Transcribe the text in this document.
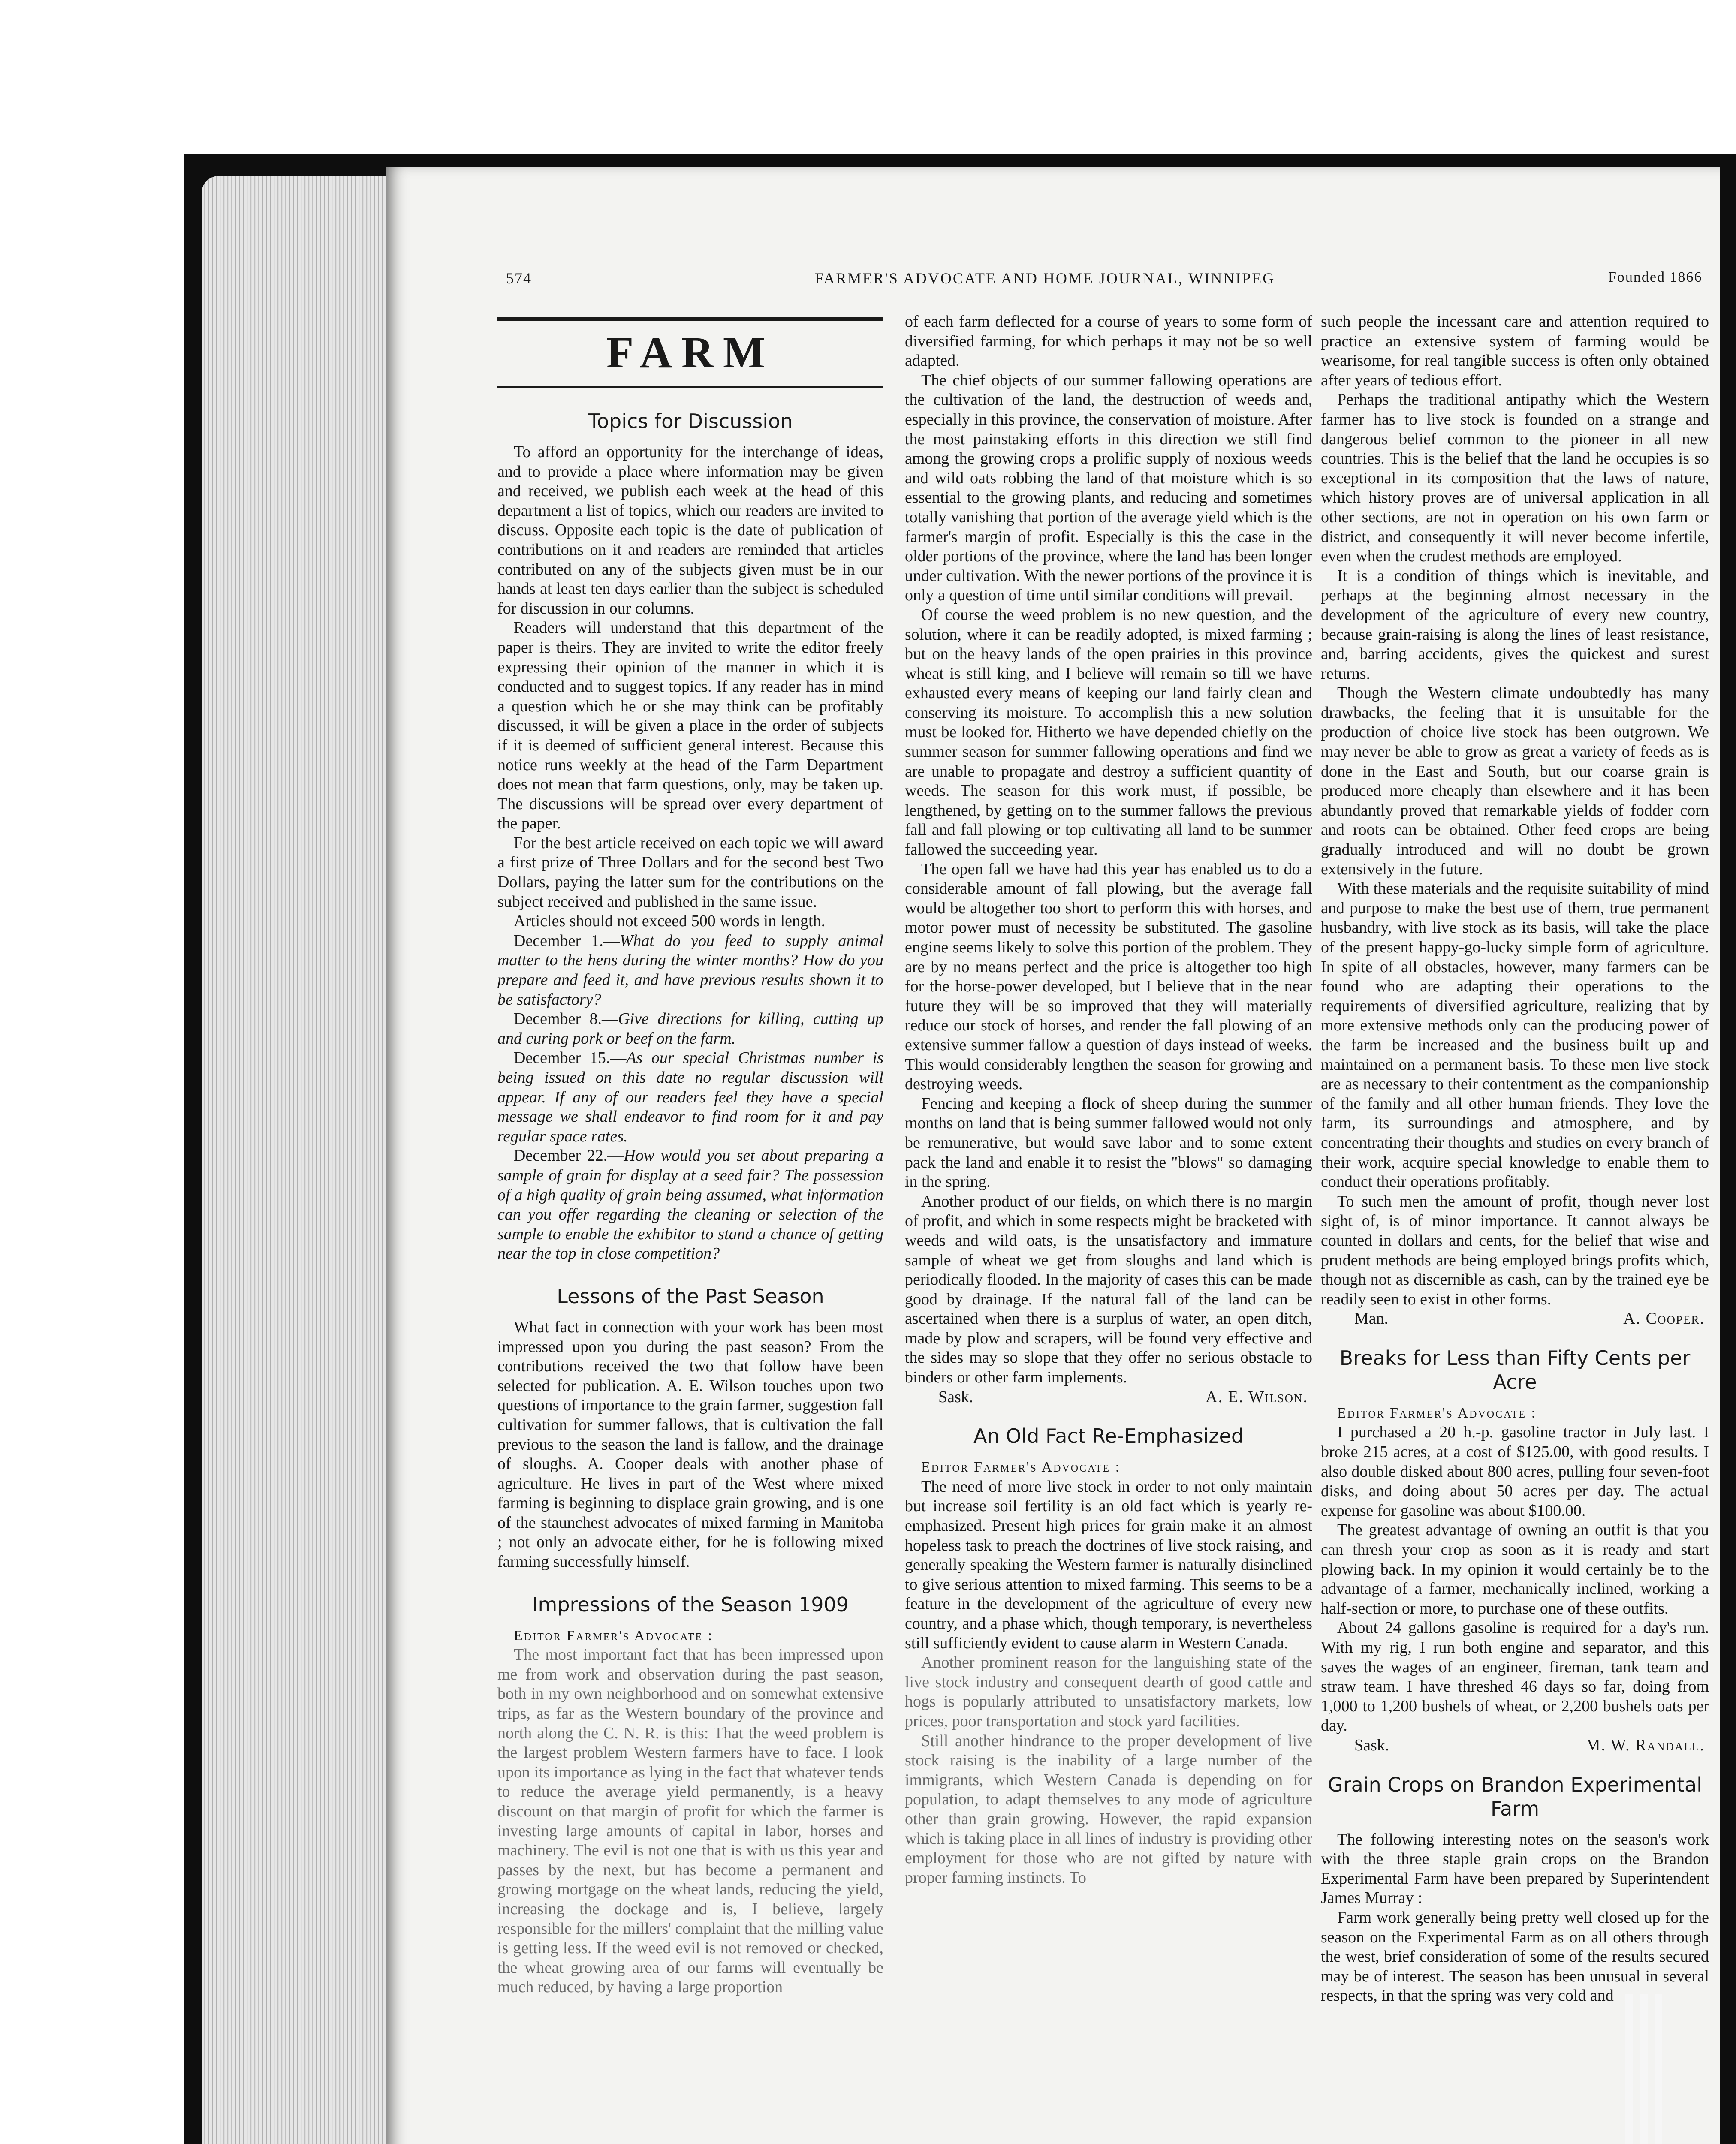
574	FARMER'S ADVOCATE AND HOME JOURNAL, WINNIPEG	Founded 1866
FARM
Topics for Discussion

To afford an opportunity for the interchange of ideas, and to provide a place where information may be given and received, we publish each week at the head of this department a list of topics, which our readers are invited to discuss. Opposite each topic is the date of publication of contributions on it and readers are reminded that articles contributed on any of the subjects given must be in our hands at least ten days earlier than the subject is scheduled for discussion in our columns.

Readers will understand that this department of the paper is theirs. They are invited to write the editor freely expressing their opinion of the manner in which it is conducted and to suggest topics. If any reader has in mind a question which he or she may think can be profitably discussed, it will be given a place in the order of subjects if it is deemed of sufficient general interest. Because this notice runs weekly at the head of the Farm Department does not mean that farm questions, only, may be taken up. The discussions will be spread over every department of the paper.

For the best article received on each topic we will award a first prize of Three Dollars and for the second best Two Dollars, paying the latter sum for the contributions on the subject received and published in the same issue.

Articles should not exceed 500 words in length.

December 1.—What do you feed to supply animal matter to the hens during the winter months? How do you prepare and feed it, and have previous results shown it to be satisfactory?

December 8.—Give directions for killing, cutting up and curing pork or beef on the farm.

December 15.—As our special Christmas number is being issued on this date no regular discussion will appear. If any of our readers feel they have a special message we shall endeavor to find room for it and pay regular space rates.

December 22.—How would you set about preparing a sample of grain for display at a seed fair? The possession of a high quality of grain being assumed, what information can you offer regarding the cleaning or selection of the sample to enable the exhibitor to stand a chance of getting near the top in close competition?

Lessons of the Past Season

What fact in connection with your work has been most impressed upon you during the past season? From the contributions received the two that follow have been selected for publication. A. E. Wilson touches upon two questions of importance to the grain farmer, suggestion fall cultivation for summer fallows, that is cultivation the fall previous to the season the land is fallow, and the drainage of sloughs. A. Cooper deals with another phase of agriculture. He lives in part of the West where mixed farming is beginning to displace grain growing, and is one of the staunchest advocates of mixed farming in Manitoba ; not only an advocate either, for he is following mixed farming successfully himself.

Impressions of the Season 1909

Editor Farmer's Advocate :

The most important fact that has been impressed upon me from work and observation during the past season, both in my own neighborhood and on somewhat extensive trips, as far as the Western boundary of the province and north along the C. N. R. is this: That the weed problem is the largest problem Western farmers have to face. I look upon its importance as lying in the fact that whatever tends to reduce the average yield permanently, is a heavy discount on that margin of profit for which the farmer is investing large amounts of capital in labor, horses and machinery. The evil is not one that is with us this year and passes by the next, but has become a permanent and growing mortgage on the wheat lands, reducing the yield, increasing the dockage and is, I believe, largely responsible for the millers' complaint that the milling value is getting less. If the weed evil is not removed or checked, the wheat growing area of our farms will eventually be much reduced, by having a large proportion

of each farm deflected for a course of years to some form of diversified farming, for which perhaps it may not be so well adapted.

The chief objects of our summer fallowing operations are the cultivation of the land, the destruction of weeds and, especially in this province, the conservation of moisture. After the most painstaking efforts in this direction we still find among the growing crops a prolific supply of noxious weeds and wild oats robbing the land of that moisture which is so essential to the growing plants, and reducing and sometimes totally vanishing that portion of the average yield which is the farmer's margin of profit. Especially is this the case in the older portions of the province, where the land has been longer under cultivation. With the newer portions of the province it is only a question of time until similar conditions will prevail.

Of course the weed problem is no new question, and the solution, where it can be readily adopted, is mixed farming ; but on the heavy lands of the open prairies in this province wheat is still king, and I believe will remain so till we have exhausted every means of keeping our land fairly clean and conserving its moisture. To accomplish this a new solution must be looked for. Hitherto we have depended chiefly on the summer season for summer fallowing operations and find we are unable to propagate and destroy a sufficient quantity of weeds. The season for this work must, if possible, be lengthened, by getting on to the summer fallows the previous fall and fall plowing or top cultivating all land to be summer fallowed the succeeding year.

The open fall we have had this year has enabled us to do a considerable amount of fall plowing, but the average fall would be altogether too short to perform this with horses, and motor power must of necessity be substituted. The gasoline engine seems likely to solve this portion of the problem. They are by no means perfect and the price is altogether too high for the horse-power developed, but I believe that in the near future they will be so improved that they will materially reduce our stock of horses, and render the fall plowing of an extensive summer fallow a question of days instead of weeks. This would considerably lengthen the season for growing and destroying weeds.

Fencing and keeping a flock of sheep during the summer months on land that is being summer fallowed would not only be remunerative, but would save labor and to some extent pack the land and enable it to resist the "blows" so damaging in the spring.

Another product of our fields, on which there is no margin of profit, and which in some respects might be bracketed with weeds and wild oats, is the unsatisfactory and immature sample of wheat we get from sloughs and land which is periodically flooded. In the majority of cases this can be made good by drainage. If the natural fall of the land can be ascertained when there is a surplus of water, an open ditch, made by plow and scrapers, will be found very effective and the sides may so slope that they offer no serious obstacle to binders or other farm implements.

Sask.	A. E. Wilson.

An Old Fact Re-Emphasized

Editor Farmer's Advocate :

The need of more live stock in order to not only maintain but increase soil fertility is an old fact which is yearly re-emphasized. Present high prices for grain make it an almost hopeless task to preach the doctrines of live stock raising, and generally speaking the Western farmer is naturally disinclined to give serious attention to mixed farming. This seems to be a feature in the development of the agriculture of every new country, and a phase which, though temporary, is nevertheless still sufficiently evident to cause alarm in Western Canada.

Another prominent reason for the languishing state of the live stock industry and consequent dearth of good cattle and hogs is popularly attributed to unsatisfactory markets, low prices, poor transportation and stock yard facilities.

Still another hindrance to the proper development of live stock raising is the inability of a large number of the immigrants, which Western Canada is depending on for population, to adapt themselves to any mode of agriculture other than grain growing. However, the rapid expansion which is taking place in all lines of industry is providing other employment for those who are not gifted by nature with proper farming instincts. To

such people the incessant care and attention required to practice an extensive system of farming would be wearisome, for real tangible success is often only obtained after years of tedious effort.

Perhaps the traditional antipathy which the Western farmer has to live stock is founded on a strange and dangerous belief common to the pioneer in all new countries. This is the belief that the land he occupies is so exceptional in its composition that the laws of nature, which history proves are of universal application in all other sections, are not in operation on his own farm or district, and consequently it will never become infertile, even when the crudest methods are employed.

It is a condition of things which is inevitable, and perhaps at the beginning almost necessary in the development of the agriculture of every new country, because grain-raising is along the lines of least resistance, and, barring accidents, gives the quickest and surest returns.

Though the Western climate undoubtedly has many drawbacks, the feeling that it is unsuitable for the production of choice live stock has been outgrown. We may never be able to grow as great a variety of feeds as is done in the East and South, but our coarse grain is produced more cheaply than elsewhere and it has been abundantly proved that remarkable yields of fodder corn and roots can be obtained. Other feed crops are being gradually introduced and will no doubt be grown extensively in the future.

With these materials and the requisite suitability of mind and purpose to make the best use of them, true permanent husbandry, with live stock as its basis, will take the place of the present happy-go-lucky simple form of agriculture. In spite of all obstacles, however, many farmers can be found who are adapting their operations to the requirements of diversified agriculture, realizing that by more extensive methods only can the producing power of the farm be increased and the business built up and maintained on a permanent basis. To these men live stock are as necessary to their contentment as the companionship of the family and all other human friends. They love the farm, its surroundings and atmosphere, and by concentrating their thoughts and studies on every branch of their work, acquire special knowledge to enable them to conduct their operations profitably.

To such men the amount of profit, though never lost sight of, is of minor importance. It cannot always be counted in dollars and cents, for the belief that wise and prudent methods are being employed brings profits which, though not as discernible as cash, can by the trained eye be readily seen to exist in other forms.

Man.	A. Cooper.

Breaks for Less than Fifty Cents per Acre

Editor Farmer's Advocate :

I purchased a 20 h.-p. gasoline tractor in July last. I broke 215 acres, at a cost of $125.00, with good results. I also double disked about 800 acres, pulling four seven-foot disks, and doing about 50 acres per day. The actual expense for gasoline was about $100.00.

The greatest advantage of owning an outfit is that you can thresh your crop as soon as it is ready and start plowing back. In my opinion it would certainly be to the advantage of a farmer, mechanically inclined, working a half-section or more, to purchase one of these outfits.

About 24 gallons gasoline is required for a day's run. With my rig, I run both engine and separator, and this saves the wages of an engineer, fireman, tank team and straw team. I have threshed 46 days so far, doing from 1,000 to 1,200 bushels of wheat, or 2,200 bushels oats per day.

Sask.	M. W. Randall.

Grain Crops on Brandon Experimental Farm

The following interesting notes on the season's work with the three staple grain crops on the Brandon Experimental Farm have been prepared by Superintendent James Murray :

Farm work generally being pretty well closed up for the season on the Experimental Farm as on all others through the west, brief consideration of some of the results secured may be of interest. The season has been unusual in several respects, in that the spring was very cold and
